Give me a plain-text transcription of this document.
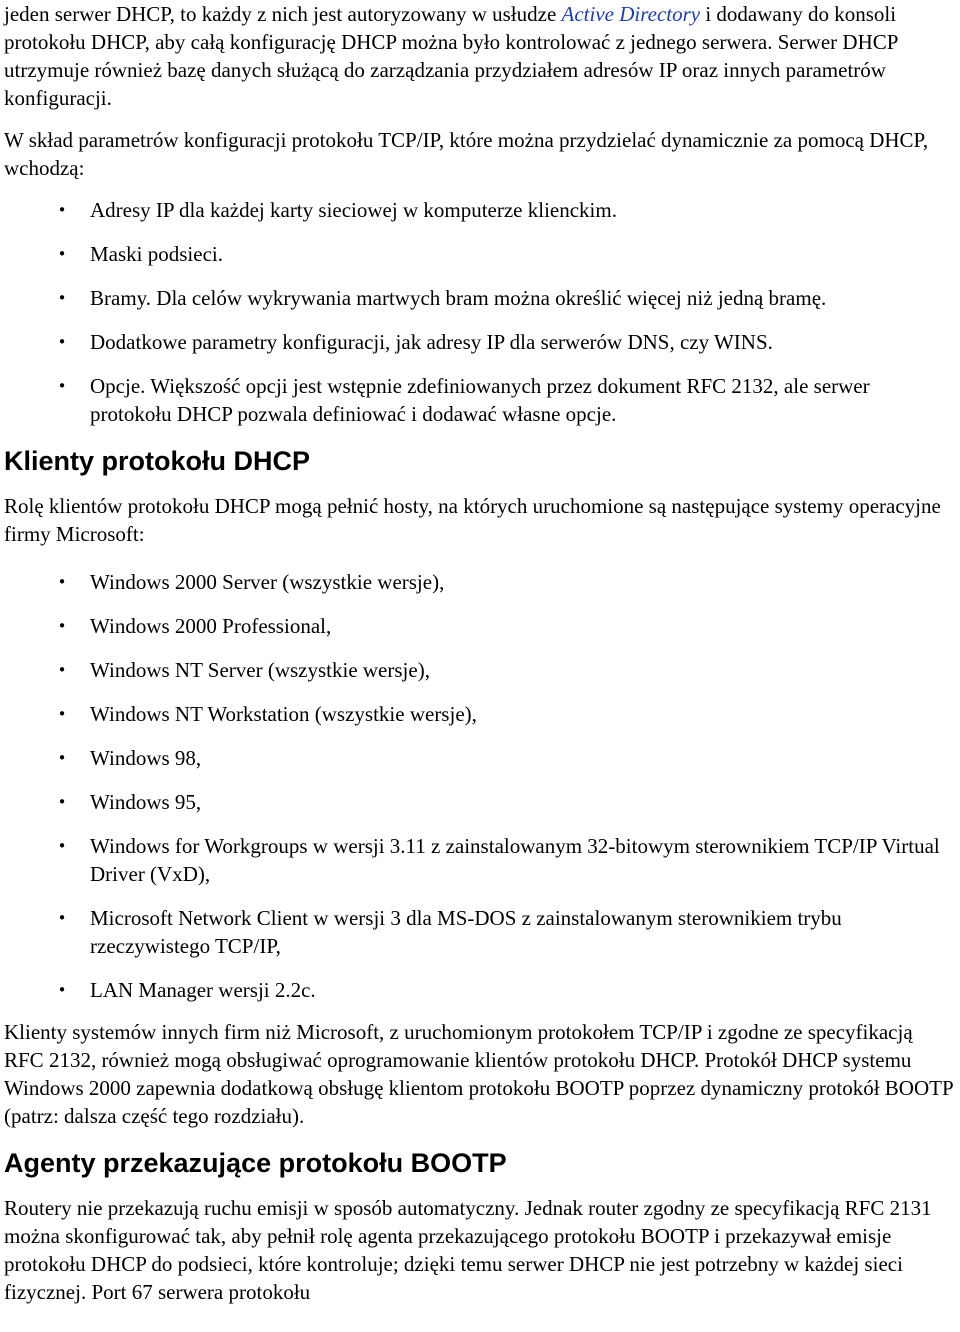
jeden serwer DHCP, to każdy z nich jest autoryzowany w usłudze Active Directory i dodawany do konsoli protokołu DHCP, aby całą konfigurację DHCP można było kontrolować z jednego serwera. Serwer DHCP utrzymuje również bazę danych służącą do zarządzania przydziałem adresów IP oraz innych parametrów konfiguracji.

W skład parametrów konfiguracji protokołu TCP/IP, które można przydzielać dynamicznie za pomocą DHCP, wchodzą:

• Adresy IP dla każdej karty sieciowej w komputerze klienckim.
• Maski podsieci.
• Bramy. Dla celów wykrywania martwych bram można określić więcej niż jedną bramę.
• Dodatkowe parametry konfiguracji, jak adresy IP dla serwerów DNS, czy WINS.
• Opcje. Większość opcji jest wstępnie zdefiniowanych przez dokument RFC 2132, ale serwer protokołu DHCP pozwala definiować i dodawać własne opcje.
Klienty protokołu DHCP

Rolę klientów protokołu DHCP mogą pełnić hosty, na których uruchomione są następujące systemy operacyjne firmy Microsoft:

• Windows 2000 Server (wszystkie wersje),
• Windows 2000 Professional,
• Windows NT Server (wszystkie wersje),
• Windows NT Workstation (wszystkie wersje),
• Windows 98,
• Windows 95,
• Windows for Workgroups w wersji 3.11 z zainstalowanym 32-bitowym sterownikiem TCP/IP Virtual Driver (VxD),
• Microsoft Network Client w wersji 3 dla MS-DOS z zainstalowanym sterownikiem trybu rzeczywistego TCP/IP,
• LAN Manager wersji 2.2c.

Klienty systemów innych firm niż Microsoft, z uruchomionym protokołem TCP/IP i zgodne ze specyfikacją RFC 2132, również mogą obsługiwać oprogramowanie klientów protokołu DHCP. Protokół DHCP systemu Windows 2000 zapewnia dodatkową obsługę klientom protokołu BOOTP poprzez dynamiczny protokół BOOTP (patrz: dalsza część tego rozdziału).

Agenty przekazujące protokołu BOOTP

Routery nie przekazują ruchu emisji w sposób automatyczny. Jednak router zgodny ze specyfikacją RFC 2131 można skonfigurować tak, aby pełnił rolę agenta przekazującego protokołu BOOTP i przekazywał emisje protokołu DHCP do podsieci, które kontroluje; dzięki temu serwer DHCP nie jest potrzebny w każdej sieci fizycznej. Port 67 serwera protokołu
